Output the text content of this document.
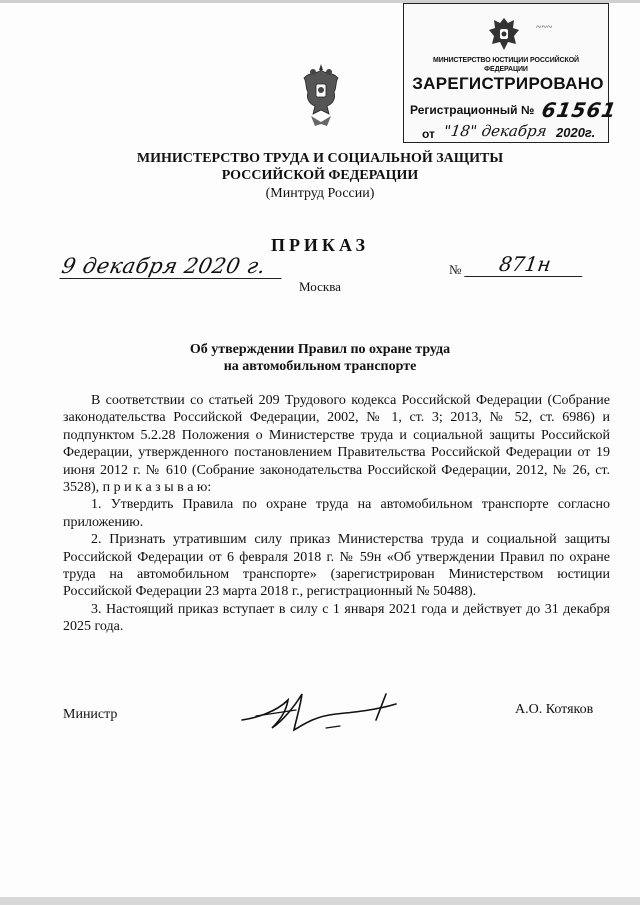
~~~
МИНИСТЕРСТВО ЮСТИЦИИ РОССИЙСКОЙ ФЕДЕРАЦИИ
ЗАРЕГИСТРИРОВАНО
Регистрационный № 61561
от "18" декабря 2020г.
МИНИСТЕРСТВО ТРУДА И СОЦИАЛЬНОЙ ЗАЩИТЫ
РОССИЙСКОЙ ФЕДЕРАЦИИ
(Минтруд России)
ПРИКАЗ
9 декабря 2020 г.	№	871н
Москва
Об утверждении Правил по охране труда
на автомобильном транспорте

В соответствии со статьей 209 Трудового кодекса Российской Федерации (Собрание законодательства Российской Федерации, 2002, № 1, ст. 3; 2013, № 52, ст. 6986) и подпунктом 5.2.28 Положения о Министерстве труда и социальной защиты Российской Федерации, утвержденного постановлением Правительства Российской Федерации от 19 июня 2012 г. № 610 (Собрание законодательства Российской Федерации, 2012, № 26, ст. 3528), п р и к а з ы в а ю:

1. Утвердить Правила по охране труда на автомобильном транспорте согласно приложению.

2. Признать утратившим силу приказ Министерства труда и социальной защиты Российской Федерации от 6 февраля 2018 г. № 59н «Об утверждении Правил по охране труда на автомобильном транспорте» (зарегистрирован Министерством юстиции Российской Федерации 23 марта 2018 г., регистрационный № 50488).

3. Настоящий приказ вступает в силу с 1 января 2021 года и действует до 31 декабря 2025 года.

Министр	А.О. Котяков
